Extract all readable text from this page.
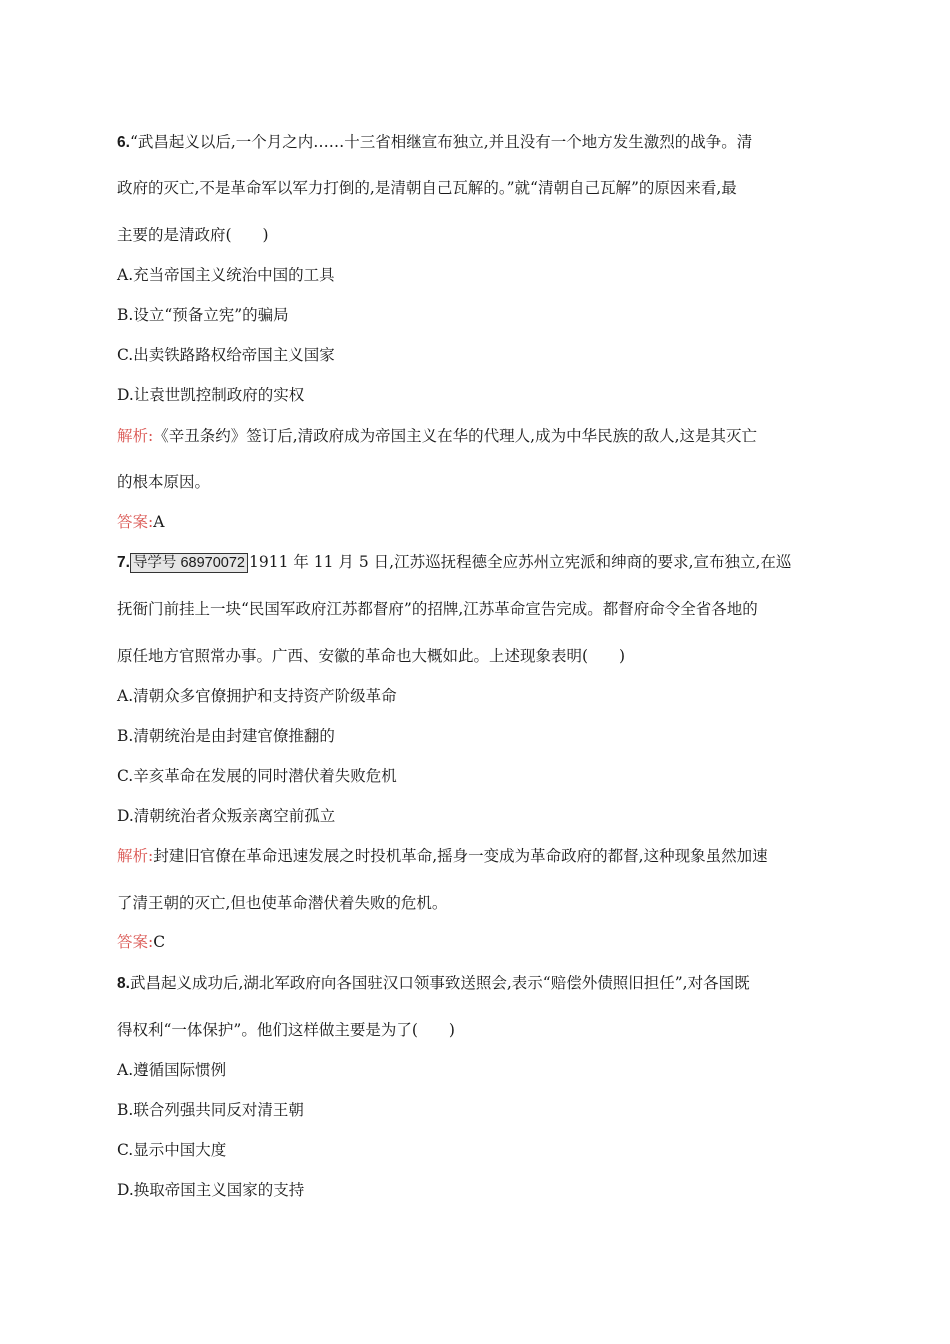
6.“武昌起义以后,一个月之内……十三省相继宣布独立,并且没有一个地方发生激烈的战争。清
政府的灭亡,不是革命军以军力打倒的,是清朝自己瓦解的。”就“清朝自己瓦解”的原因来看,最
主要的是清政府(　　)
A.充当帝国主义统治中国的工具
B.设立“预备立宪”的骗局
C.出卖铁路路权给帝国主义国家
D.让袁世凯控制政府的实权
解析:《辛丑条约》签订后,清政府成为帝国主义在华的代理人,成为中华民族的敌人,这是其灭亡
的根本原因。
答案:A
7. 导学号 68970072 1911 年 11 月 5 日,江苏巡抚程德全应苏州立宪派和绅商的要求,宣布独立,在巡
抚衙门前挂上一块“民国军政府江苏都督府”的招牌,江苏革命宣告完成。都督府命令全省各地的
原任地方官照常办事。广西、安徽的革命也大概如此。上述现象表明(　　)
A.清朝众多官僚拥护和支持资产阶级革命
B.清朝统治是由封建官僚推翻的
C.辛亥革命在发展的同时潜伏着失败危机
D.清朝统治者众叛亲离空前孤立
解析:封建旧官僚在革命迅速发展之时投机革命,摇身一变成为革命政府的都督,这种现象虽然加速
了清王朝的灭亡,但也使革命潜伏着失败的危机。
答案:C
8.武昌起义成功后,湖北军政府向各国驻汉口领事致送照会,表示“赔偿外债照旧担任”,对各国既
得权利“一体保护”。他们这样做主要是为了(　　)
A.遵循国际惯例
B.联合列强共同反对清王朝
C.显示中国大度
D.换取帝国主义国家的支持
